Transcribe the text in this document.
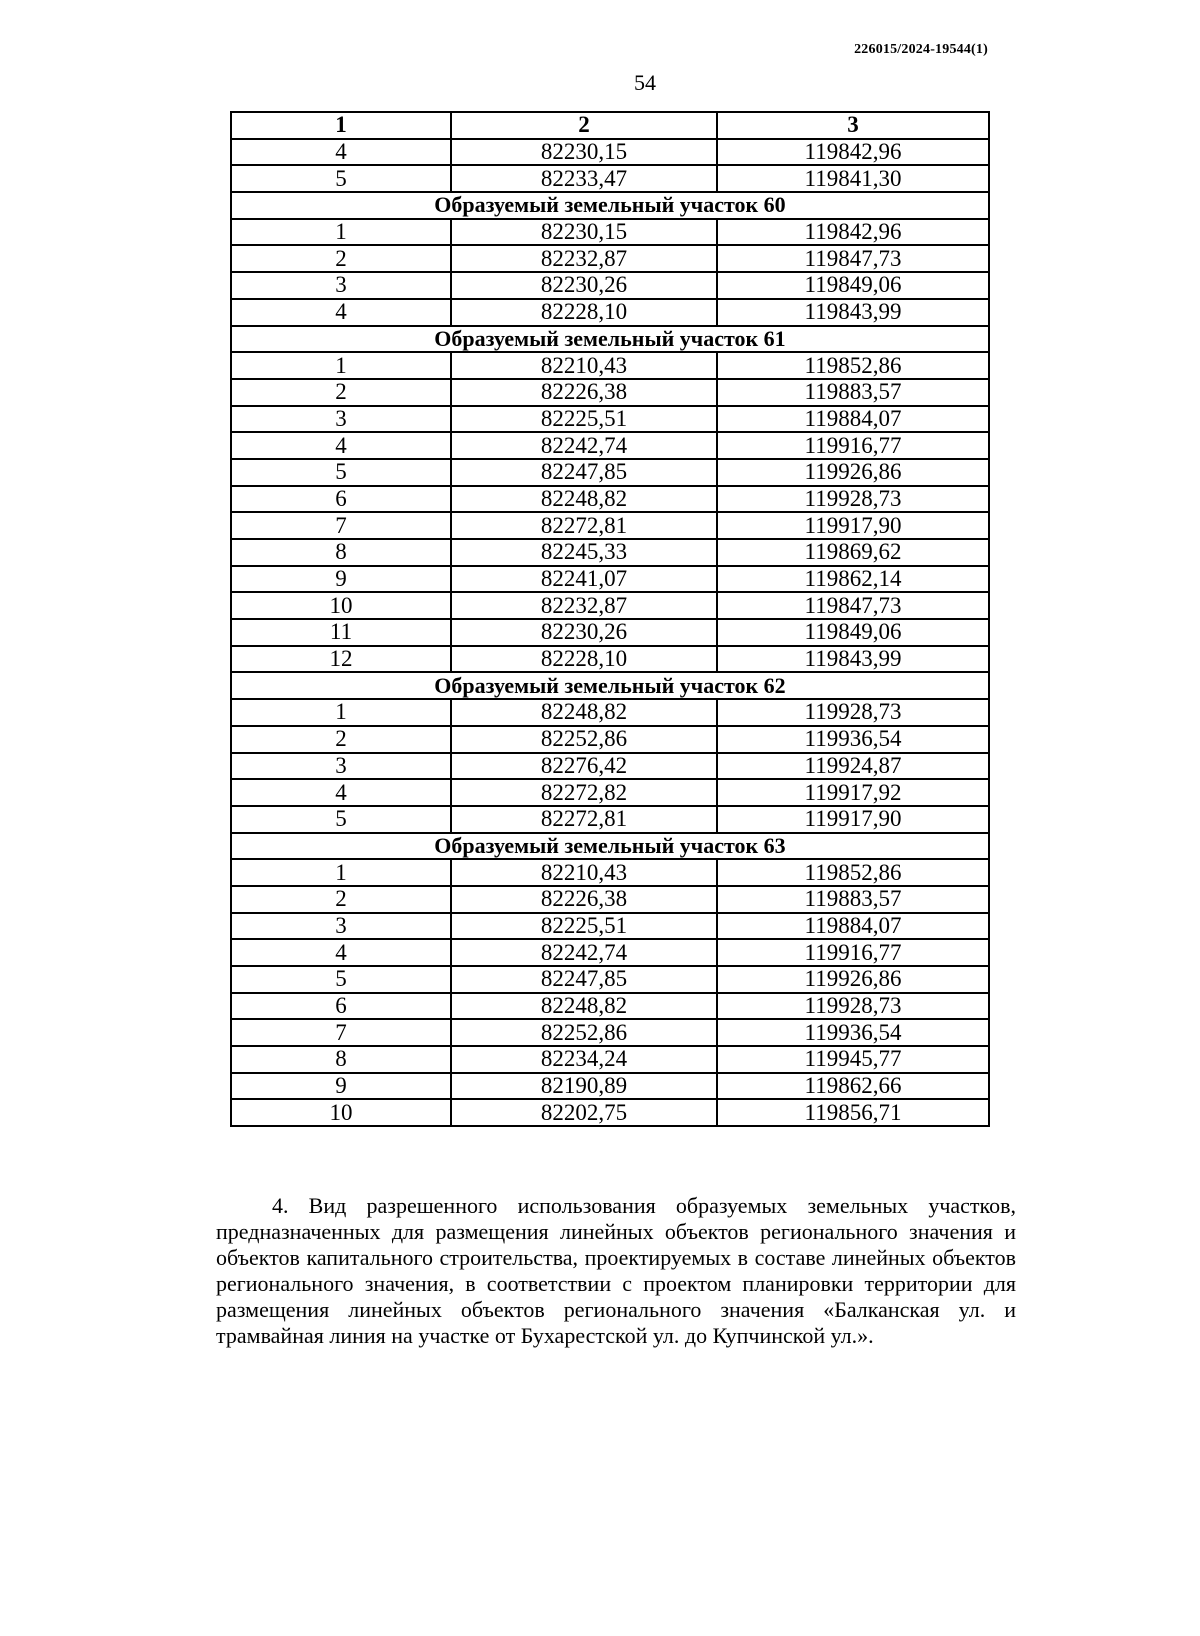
226015/2024-19544(1)
54
1	2	3
4	82230,15	119842,96
5	82233,47	119841,30
Образуемый земельный участок 60		
1	82230,15	119842,96
2	82232,87	119847,73
3	82230,26	119849,06
4	82228,10	119843,99
Образуемый земельный участок 61		
1	82210,43	119852,86
2	82226,38	119883,57
3	82225,51	119884,07
4	82242,74	119916,77
5	82247,85	119926,86
6	82248,82	119928,73
7	82272,81	119917,90
8	82245,33	119869,62
9	82241,07	119862,14
10	82232,87	119847,73
11	82230,26	119849,06
12	82228,10	119843,99
Образуемый земельный участок 62		
1	82248,82	119928,73
2	82252,86	119936,54
3	82276,42	119924,87
4	82272,82	119917,92
5	82272,81	119917,90
Образуемый земельный участок 63		
1	82210,43	119852,86
2	82226,38	119883,57
3	82225,51	119884,07
4	82242,74	119916,77
5	82247,85	119926,86
6	82248,82	119928,73
7	82252,86	119936,54
8	82234,24	119945,77
9	82190,89	119862,66
10	82202,75	119856,71
4. Вид разрешенного использования образуемых земельных участков, предназначенных для размещения линейных объектов регионального значения и объектов капитального строительства, проектируемых в составе линейных объектов регионального значения, в соответствии с проектом планировки территории для размещения линейных объектов регионального значения «Балканская ул. и трамвайная линия на участке от Бухарестской ул. до Купчинской ул.».
